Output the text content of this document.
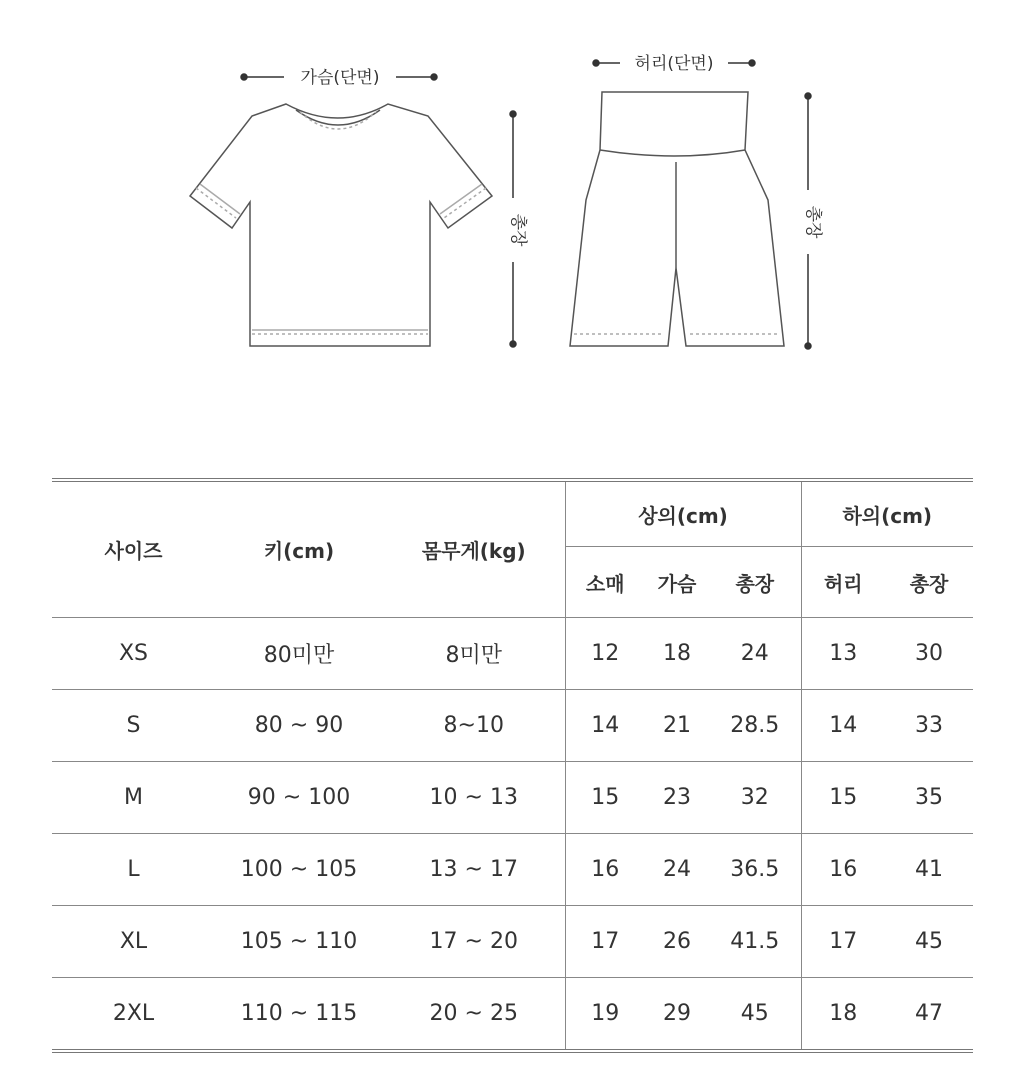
가슴(단면)
총장
허리(단면)
총장
사이즈	키(cm)	몸무게(kg)	상의(cm)			하의(cm)	
			소매	가슴	총장	허리	총장
XS	80미만	8미만	12	18	24	13	30
S	80 ~ 90	8~10	14	21	28.5	14	33
M	90 ~ 100	10 ~ 13	15	23	32	15	35
L	100 ~ 105	13 ~ 17	16	24	36.5	16	41
XL	105 ~ 110	17 ~ 20	17	26	41.5	17	45
2XL	110 ~ 115	20 ~ 25	19	29	45	18	47
